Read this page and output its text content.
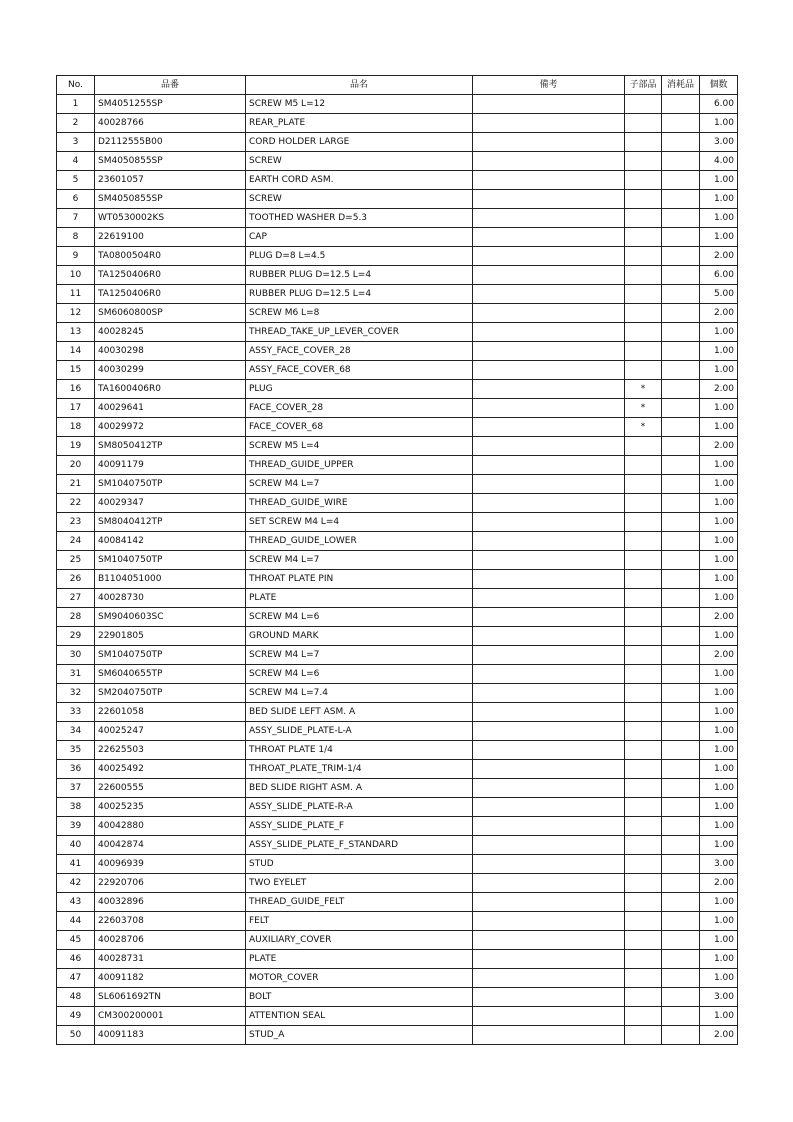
No.	品番	品名	備考	子部品	消耗品	個数
1	SM4051255SP	SCREW M5 L=12				6.00
2	40028766	REAR_PLATE				1.00
3	D2112555B00	CORD HOLDER LARGE				3.00
4	SM4050855SP	SCREW				4.00
5	23601057	EARTH CORD ASM.				1.00
6	SM4050855SP	SCREW				1.00
7	WT0530002KS	TOOTHED WASHER D=5.3				1.00
8	22619100	CAP				1.00
9	TA0800504R0	PLUG D=8 L=4.5				2.00
10	TA1250406R0	RUBBER PLUG D=12.5 L=4				6.00
11	TA1250406R0	RUBBER PLUG D=12.5 L=4				5.00
12	SM6060800SP	SCREW M6 L=8				2.00
13	40028245	THREAD_TAKE_UP_LEVER_COVER				1.00
14	40030298	ASSY_FACE_COVER_28				1.00
15	40030299	ASSY_FACE_COVER_68				1.00
16	TA1600406R0	PLUG		*		2.00
17	40029641	FACE_COVER_28		*		1.00
18	40029972	FACE_COVER_68		*		1.00
19	SM8050412TP	SCREW M5 L=4				2.00
20	40091179	THREAD_GUIDE_UPPER				1.00
21	SM1040750TP	SCREW M4 L=7				1.00
22	40029347	THREAD_GUIDE_WIRE				1.00
23	SM8040412TP	SET SCREW M4 L=4				1.00
24	40084142	THREAD_GUIDE_LOWER				1.00
25	SM1040750TP	SCREW M4 L=7				1.00
26	B1104051000	THROAT PLATE PIN				1.00
27	40028730	PLATE				1.00
28	SM9040603SC	SCREW M4 L=6				2.00
29	22901805	GROUND MARK				1.00
30	SM1040750TP	SCREW M4 L=7				2.00
31	SM6040655TP	SCREW M4 L=6				1.00
32	SM2040750TP	SCREW M4 L=7.4				1.00
33	22601058	BED SLIDE LEFT ASM. A				1.00
34	40025247	ASSY_SLIDE_PLATE-L-A				1.00
35	22625503	THROAT PLATE 1/4				1.00
36	40025492	THROAT_PLATE_TRIM-1/4				1.00
37	22600555	BED SLIDE RIGHT ASM. A				1.00
38	40025235	ASSY_SLIDE_PLATE-R-A				1.00
39	40042880	ASSY_SLIDE_PLATE_F				1.00
40	40042874	ASSY_SLIDE_PLATE_F_STANDARD				1.00
41	40096939	STUD				3.00
42	22920706	TWO EYELET				2.00
43	40032896	THREAD_GUIDE_FELT				1.00
44	22603708	FELT				1.00
45	40028706	AUXILIARY_COVER				1.00
46	40028731	PLATE				1.00
47	40091182	MOTOR_COVER				1.00
48	SL6061692TN	BOLT				3.00
49	CM300200001	ATTENTION SEAL				1.00
50	40091183	STUD_A				2.00
